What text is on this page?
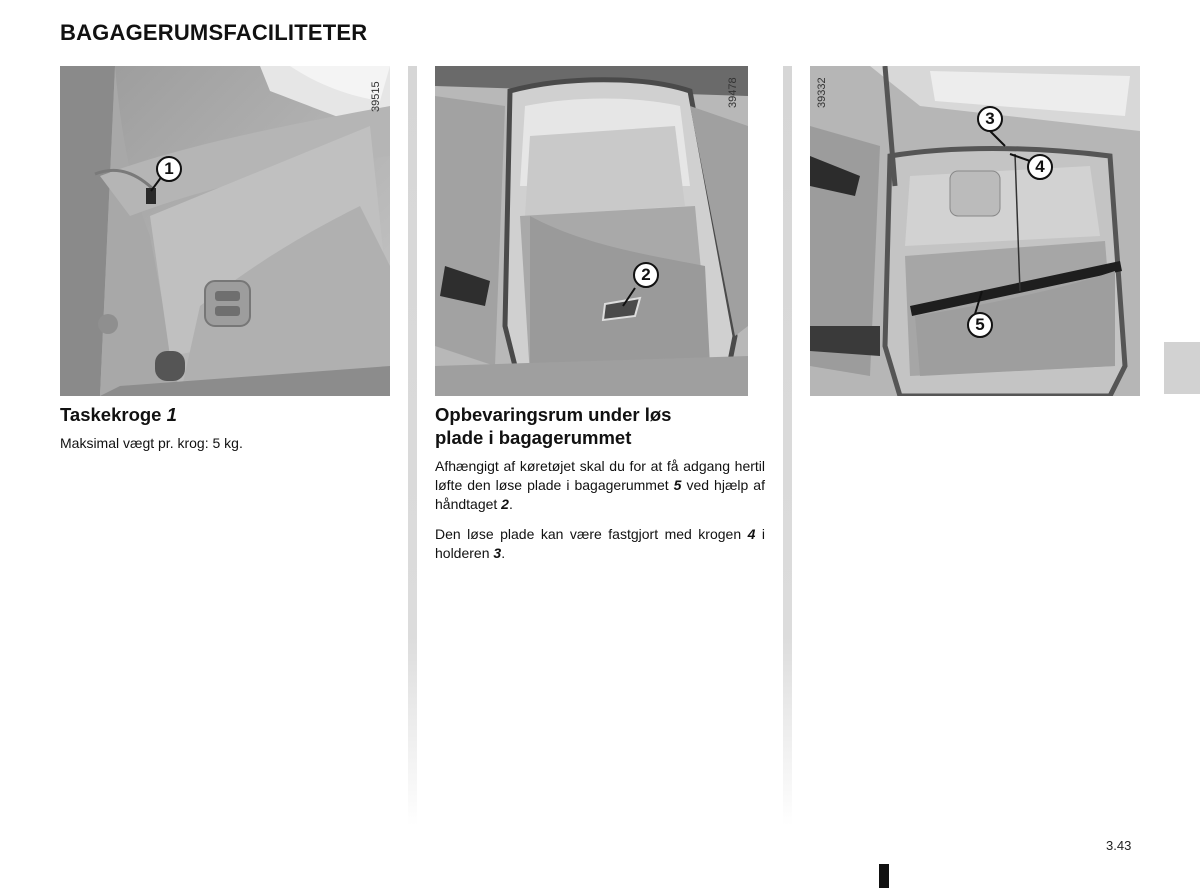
BAGAGERUMSFACILITETER
1
39515
2
39478
3
4
5
39332
Taskekroge 1

Maksimal vægt pr. krog: 5 kg.

Opbevaringsrum under løs
plade i bagagerummet

Afhængigt af køretøjet skal du for at få adgang hertil løfte den løse plade i bagagerummet 5 ved hjælp af håndtaget 2.

Den løse plade kan være fastgjort med krogen 4 i holderen 3.

3.43
